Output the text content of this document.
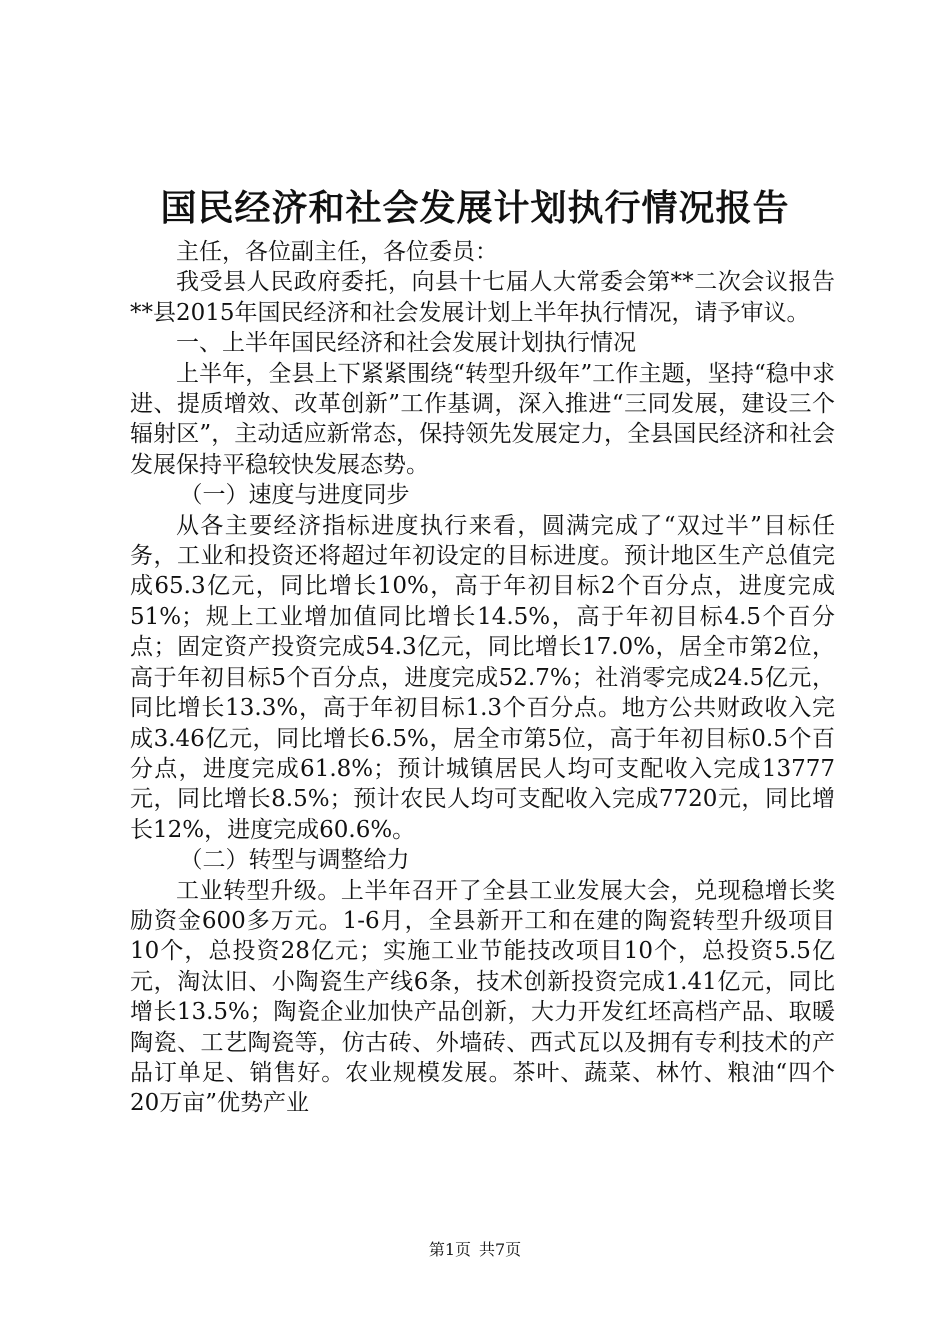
国民经济和社会发展计划执行情况报告

主任，各位副主任，各位委员：

我受县人民政府委托，向县十七届人大常委会第**二次会议报告**县2015年国民经济和社会发展计划上半年执行情况，请予审议。

一、上半年国民经济和社会发展计划执行情况

上半年，全县上下紧紧围绕“转型升级年”工作主题，坚持“稳中求进、提质增效、改革创新”工作基调，深入推进“三同发展，建设三个辐射区”，主动适应新常态，保持领先发展定力，全县国民经济和社会发展保持平稳较快发展态势。

（一）速度与进度同步

从各主要经济指标进度执行来看，圆满完成了“双过半”目标任务，工业和投资还将超过年初设定的目标进度。预计地区生产总值完成65.3亿元，同比增长10%，高于年初目标2个百分点，进度完成51%；规上工业增加值同比增长14.5%，高于年初目标4.5个百分点；固定资产投资完成54.3亿元，同比增长17.0%，居全市第2位，高于年初目标5个百分点，进度完成52.7%；社消零完成24.5亿元，同比增长13.3%，高于年初目标1.3个百分点。地方公共财政收入完成3.46亿元，同比增长6.5%，居全市第5位，高于年初目标0.5个百分点，进度完成61.8%；预计城镇居民人均可支配收入完成13777元，同比增长8.5%；预计农民人均可支配收入完成7720元，同比增长12%，进度完成60.6%。

（二）转型与调整给力

工业转型升级。上半年召开了全县工业发展大会，兑现稳增长奖励资金600多万元。1-6月，全县新开工和在建的陶瓷转型升级项目10个，总投资28亿元；实施工业节能技改项目10个，总投资5.5亿元，淘汰旧、小陶瓷生产线6条，技术创新投资完成1.41亿元，同比增长13.5%；陶瓷企业加快产品创新，大力开发红坯高档产品、取暖陶瓷、工艺陶瓷等，仿古砖、外墙砖、西式瓦以及拥有专利技术的产品订单足、销售好。农业规模发展。茶叶、蔬菜、林竹、粮油“四个20万亩”优势产业

第1页 共7页
